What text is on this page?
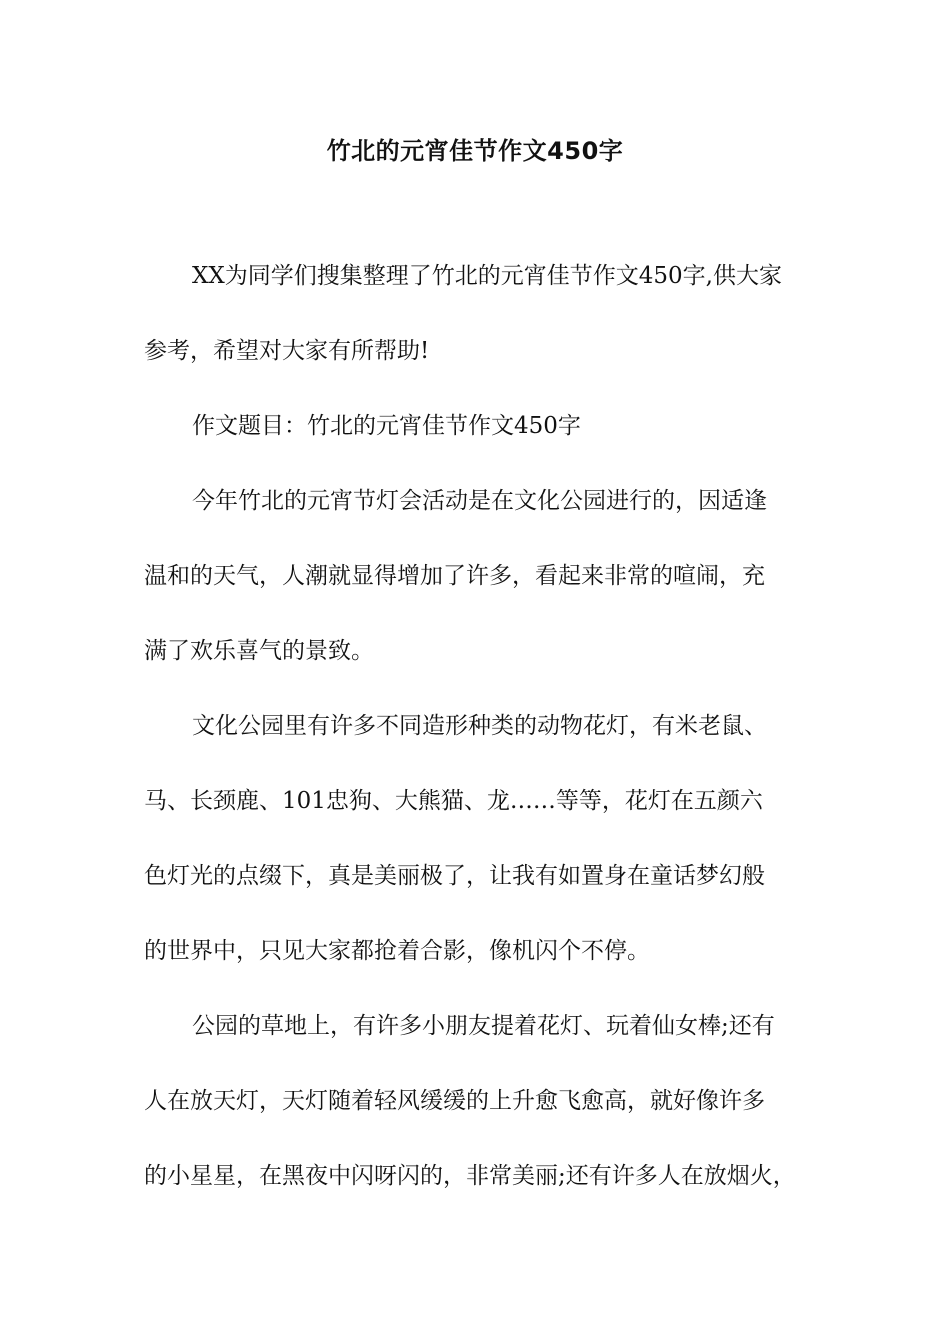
竹北的元宵佳节作文450字

XX为同学们搜集整理了竹北的元宵佳节作文450字,供大家
参考，希望对大家有所帮助!

作文题目：竹北的元宵佳节作文450字

今年竹北的元宵节灯会活动是在文化公园进行的，因适逢
温和的天气，人潮就显得增加了许多，看起来非常的喧闹，充
满了欢乐喜气的景致。

文化公园里有许多不同造形种类的动物花灯，有米老鼠、
马、长颈鹿、101忠狗、大熊猫、龙……等等，花灯在五颜六
色灯光的点缀下，真是美丽极了，让我有如置身在童话梦幻般
的世界中，只见大家都抢着合影，像机闪个不停。

公园的草地上，有许多小朋友提着花灯、玩着仙女棒;还有
人在放天灯，天灯随着轻风缓缓的上升愈飞愈高，就好像许多
的小星星，在黑夜中闪呀闪的，非常美丽;还有许多人在放烟火，
